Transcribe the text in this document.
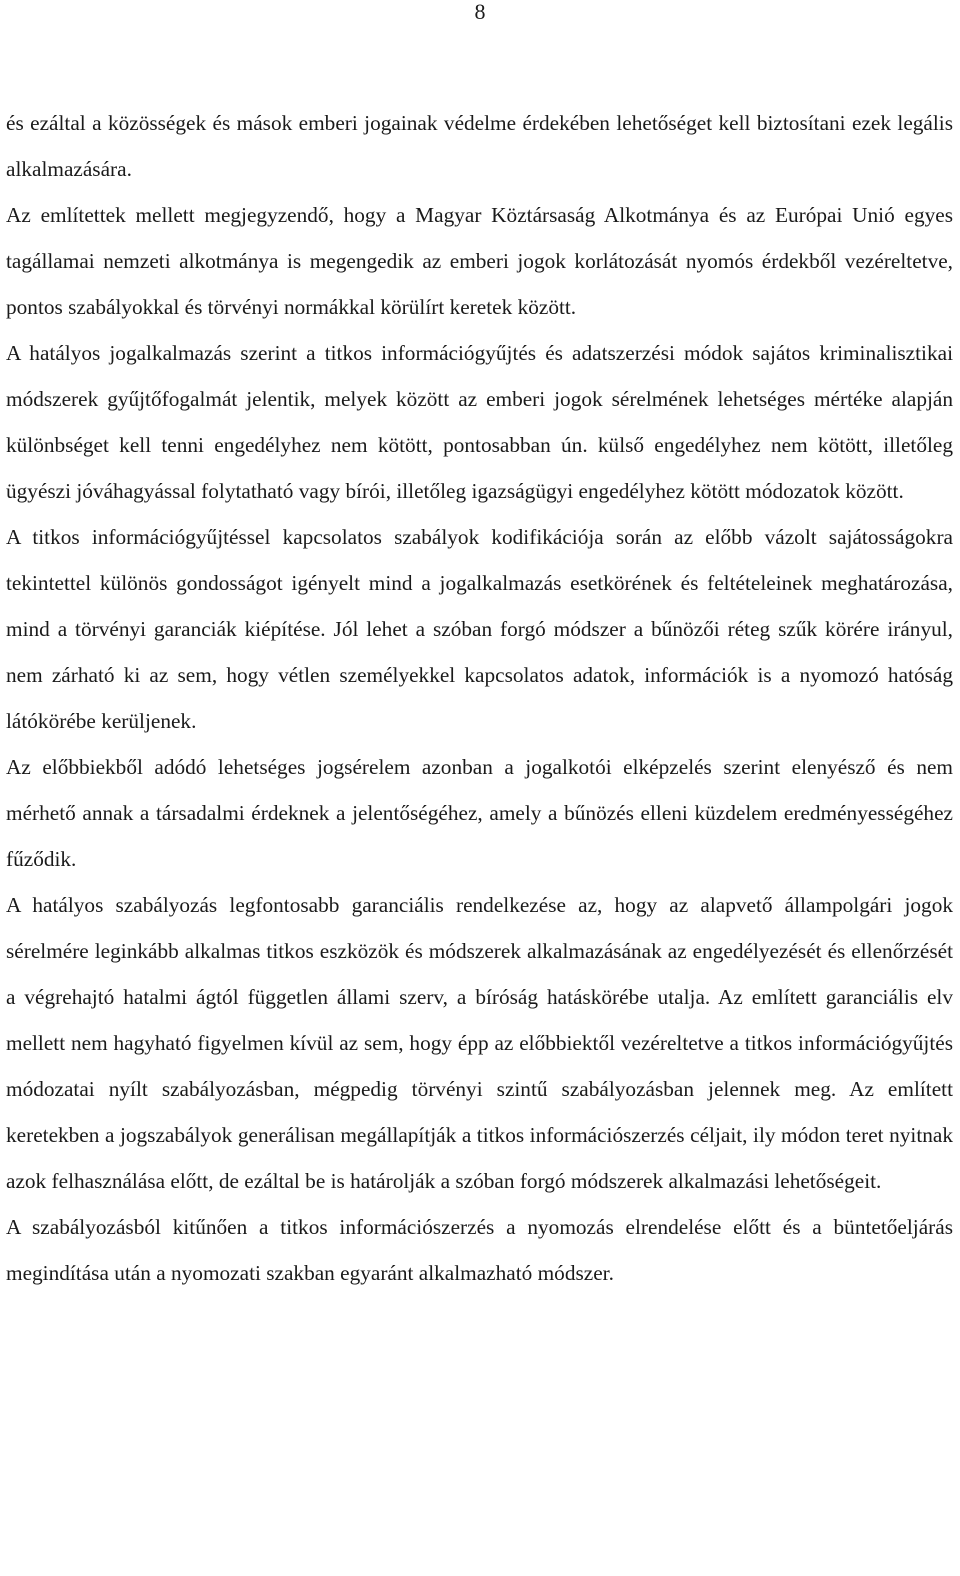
8

és ezáltal a közösségek és mások emberi jogainak védelme érdekében lehetőséget kell biztosítani ezek legális alkalmazására.

Az említettek mellett megjegyzendő, hogy a Magyar Köztársaság Alkotmánya és az Európai Unió egyes tagállamai nemzeti alkotmánya is megengedik az emberi jogok korlátozását nyomós érdekből vezéreltetve, pontos szabályokkal és törvényi normákkal körülírt keretek között.

A hatályos jogalkalmazás szerint a titkos információgyűjtés és adatszerzési módok sajátos kriminalisztikai módszerek gyűjtőfogalmát jelentik, melyek között az emberi jogok sérelmének lehetséges mértéke alapján különbséget kell tenni engedélyhez nem kötött, pontosabban ún. külső engedélyhez nem kötött, illetőleg ügyészi jóváhagyással folytatható vagy bírói, illetőleg igazságügyi engedélyhez kötött módozatok között.

A titkos információgyűjtéssel kapcsolatos szabályok kodifikációja során az előbb vázolt sajátosságokra tekintettel különös gondosságot igényelt mind a jogalkalmazás esetkörének és feltételeinek meghatározása, mind a törvényi garanciák kiépítése. Jól lehet a szóban forgó módszer a bűnözői réteg szűk körére irányul, nem zárható ki az sem, hogy vétlen személyekkel kapcsolatos adatok, információk is a nyomozó hatóság látókörébe kerüljenek.

Az előbbiekből adódó lehetséges jogsérelem azonban a jogalkotói elképzelés szerint elenyésző és nem mérhető annak a társadalmi érdeknek a jelentőségéhez, amely a bűnözés elleni küzdelem eredményességéhez fűződik.

A hatályos szabályozás legfontosabb garanciális rendelkezése az, hogy az alapvető állampolgári jogok sérelmére leginkább alkalmas titkos eszközök és módszerek alkalmazásának az engedélyezését és ellenőrzését a végrehajtó hatalmi ágtól független állami szerv, a bíróság hatáskörébe utalja. Az említett garanciális elv mellett nem hagyható figyelmen kívül az sem, hogy épp az előbbiektől vezéreltetve a titkos információgyűjtés módozatai nyílt szabályozásban, mégpedig törvényi szintű szabályozásban jelennek meg. Az említett keretekben a jogszabályok generálisan megállapítják a titkos információszerzés céljait, ily módon teret nyitnak azok felhasználása előtt, de ezáltal be is határolják a szóban forgó módszerek alkalmazási lehetőségeit.

A szabályozásból kitűnően a titkos információszerzés a nyomozás elrendelése előtt és a büntetőeljárás megindítása után a nyomozati szakban egyaránt alkalmazható módszer.
